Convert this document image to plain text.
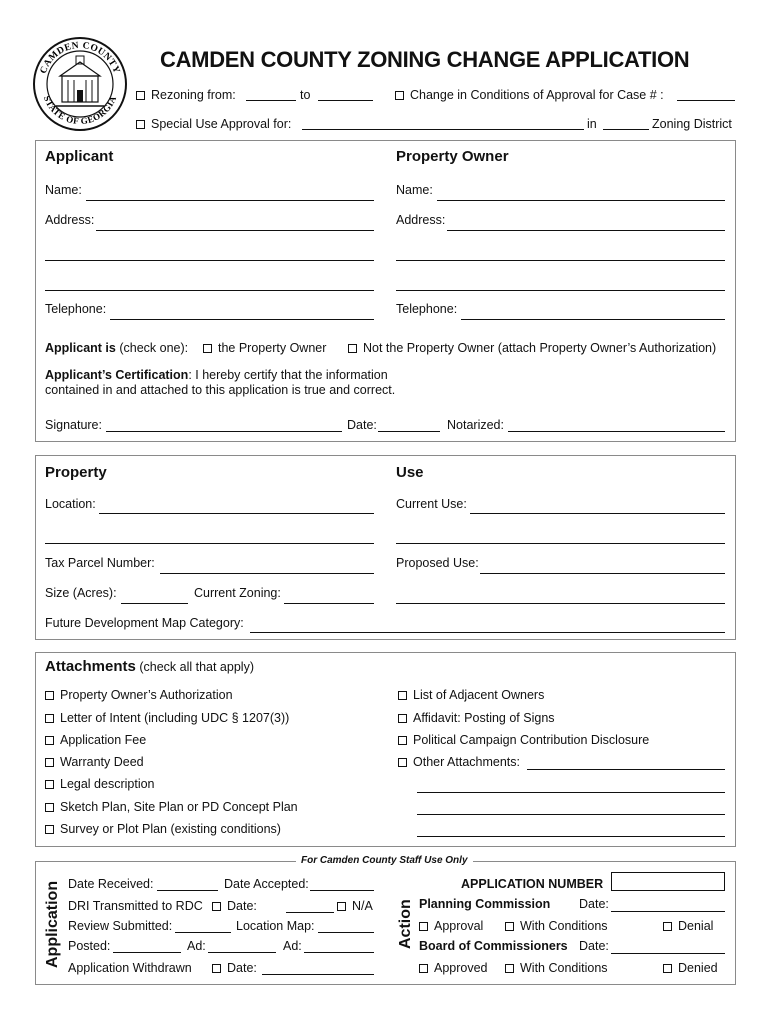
CAMDEN COUNTY
STATE OF GEORGIA
CAMDEN COUNTY ZONING CHANGE APPLICATION
Rezoning from:	to	Change in Conditions of Approval for Case # :
Special Use Approval for:	in	Zoning District
Applicant	Property Owner
Name:	Name:
Address:	Address:
Telephone:	Telephone:
Applicant is (check one):	the Property Owner	Not the Property Owner (attach Property Owner’s Authorization)
Applicant’s Certification: I hereby certify that the information
contained in and attached to this application is true and correct.
Signature:	Date:	Notarized:
Property	Use
Location:	Current Use:
Tax Parcel Number:	Proposed Use:
Size (Acres):	Current Zoning:
Future Development Map Category:
Attachments (check all that apply)
Property Owner’s Authorization
Letter of Intent (including UDC § 1207(3))
Application Fee
Warranty Deed
Legal description
Sketch Plan, Site Plan or PD Concept Plan
Survey or Plot Plan (existing conditions)
List of Adjacent Owners
Affidavit: Posting of Signs
Political Campaign Contribution Disclosure
Other Attachments:
For Camden County Staff Use Only
Application	Action
Date Received:	Date Accepted:
DRI Transmitted to RDC	Date:	N/A
Review Submitted:	Location Map:
Posted:	Ad:	Ad:
Application Withdrawn	Date:
APPLICATION NUMBER
Planning Commission Date:
Approval	With Conditions	Denial
Board of Commissioners Date:
Approved	With Conditions	Denied
